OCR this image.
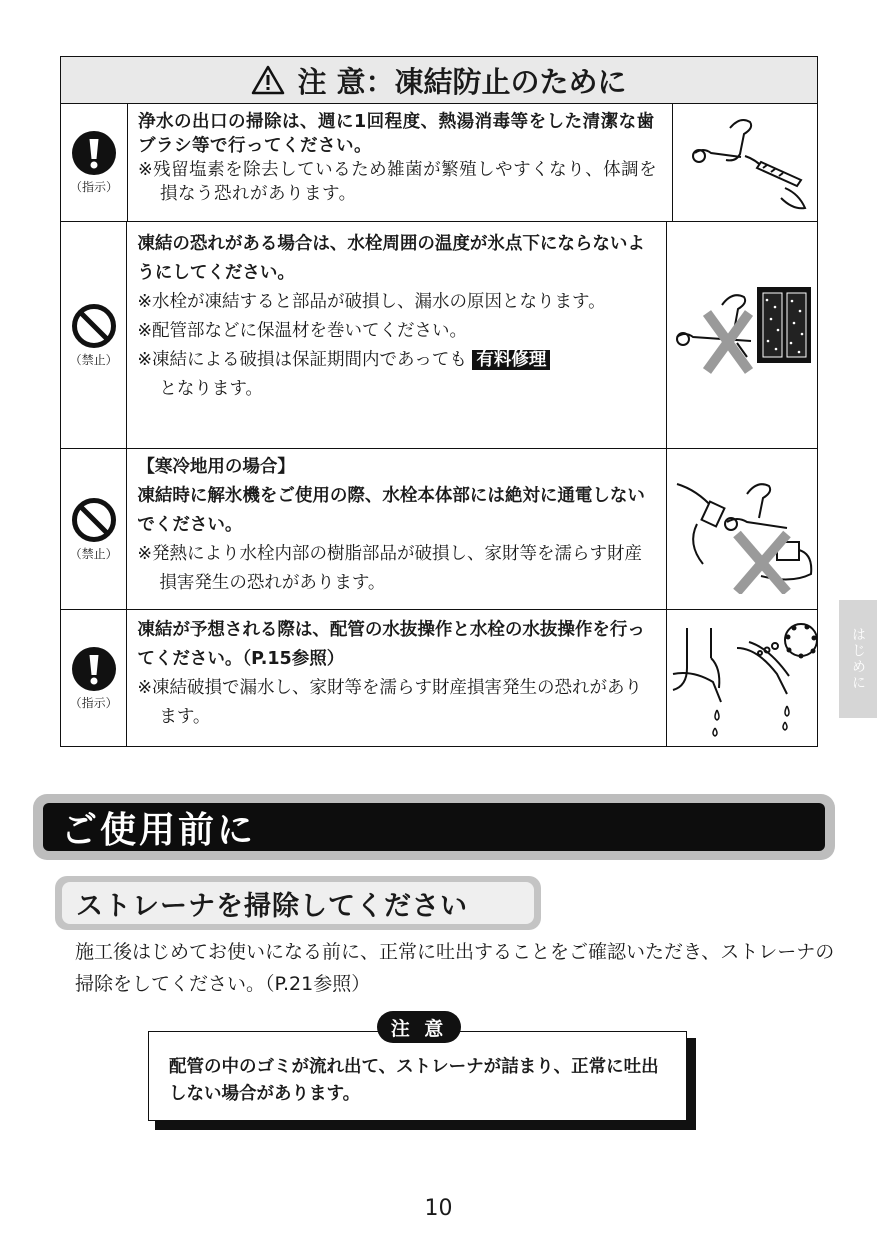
注 意：凍結防止のために
（指示）
浄水の出口の掃除は、週に1回程度、熱湯消毒等をした清潔な歯ブラシ等で行ってください。
※残留塩素を除去しているため雑菌が繁殖しやすくなり、体調を損なう恐れがあります。
（禁止）
凍結の恐れがある場合は、水栓周囲の温度が氷点下にならないようにしてください。
※水栓が凍結すると部品が破損し、漏水の原因となります。
※配管部などに保温材を巻いてください。
※凍結による破損は保証期間内であっても 有料修理
となります。
（禁止）
【寒冷地用の場合】
凍結時に解氷機をご使用の際、水栓本体部には絶対に通電しないでください。
※発熱により水栓内部の樹脂部品が破損し、家財等を濡らす財産損害発生の恐れがあります。
（指示）
凍結が予想される際は、配管の水抜操作と水栓の水抜操作を行ってください。（P.15参照）
※凍結破損で漏水し、家財等を濡らす財産損害発生の恐れがあります。
はじめに
ご使用前に
ストレーナを掃除してください
施工後はじめてお使いになる前に、正常に吐出することをご確認いただき、ストレーナの掃除をしてください。（P.21参照）
配管の中のゴミが流れ出て、ストレーナが詰まり、正常に吐出しない場合があります。
注 意
10
